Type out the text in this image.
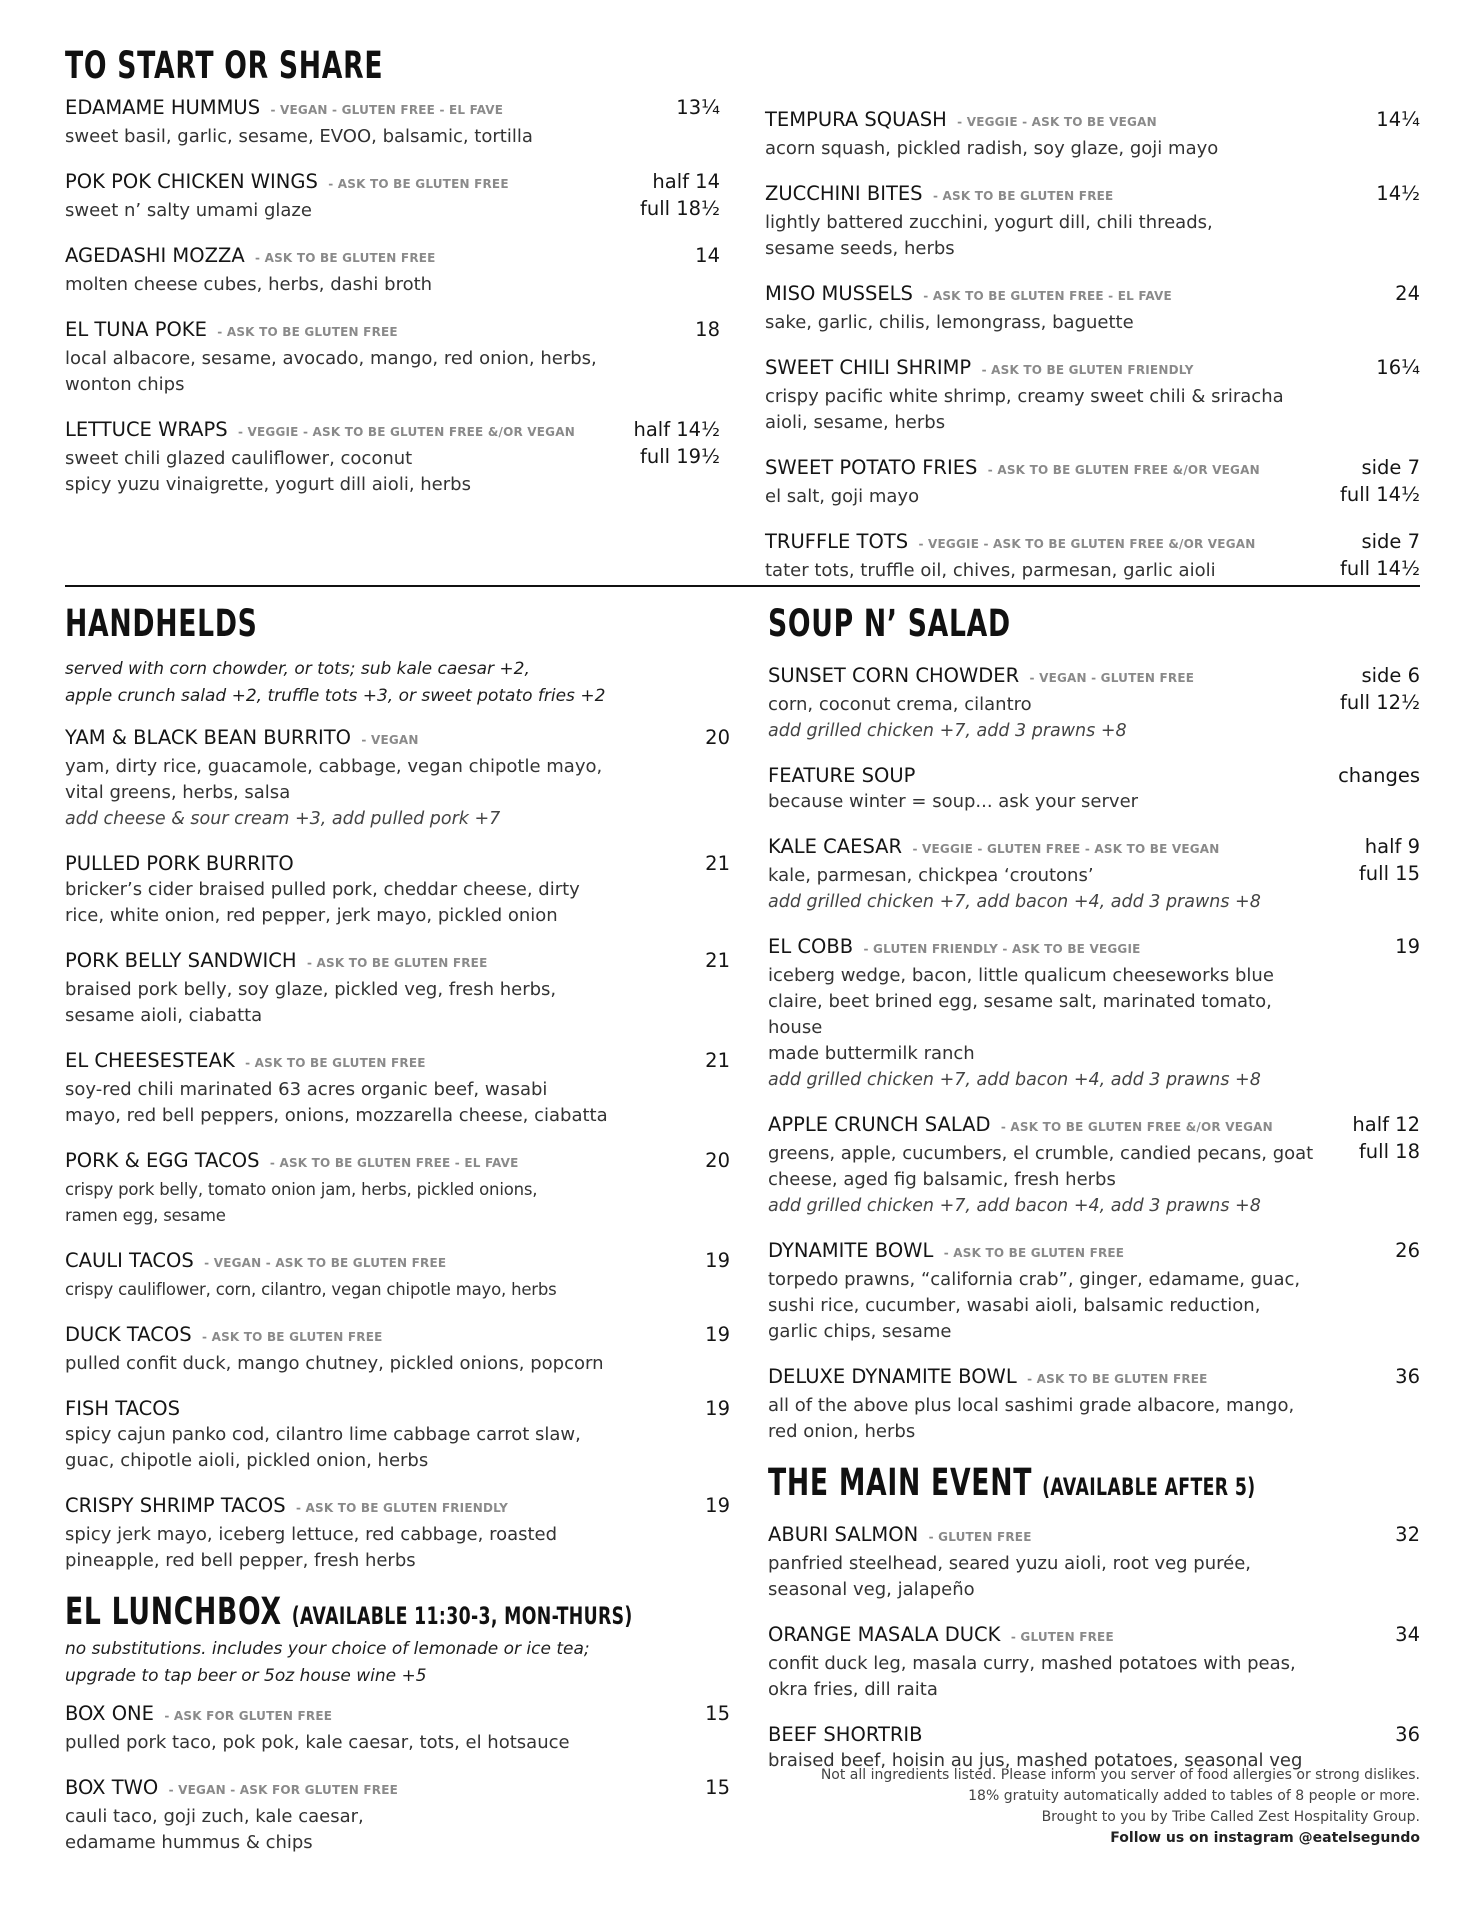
TO START OR SHARE
EDAMAME HUMMUS - VEGAN - GLUTEN FREE - EL FAVE
sweet basil, garlic, sesame, EVOO, balsamic, tortilla
13¼
POK POK CHICKEN WINGS - ASK TO BE GLUTEN FREE
sweet n’ salty umami glaze
half 14
full 18½
AGEDASHI MOZZA - ASK TO BE GLUTEN FREE
molten cheese cubes, herbs, dashi broth
14
EL TUNA POKE - ASK TO BE GLUTEN FREE
local albacore, sesame, avocado, mango, red onion, herbs,
wonton chips
18
LETTUCE WRAPS - VEGGIE - ASK TO BE GLUTEN FREE &/OR VEGAN
sweet chili glazed cauliflower, coconut
spicy yuzu vinaigrette, yogurt dill aioli, herbs
half 14½
full 19½
TEMPURA SQUASH - VEGGIE - ASK TO BE VEGAN
acorn squash, pickled radish, soy glaze, goji mayo
14¼
ZUCCHINI BITES - ASK TO BE GLUTEN FREE
lightly battered zucchini, yogurt dill, chili threads,
sesame seeds, herbs
14½
MISO MUSSELS - ASK TO BE GLUTEN FREE - EL FAVE
sake, garlic, chilis, lemongrass, baguette
24
SWEET CHILI SHRIMP - ASK TO BE GLUTEN FRIENDLY
crispy pacific white shrimp, creamy sweet chili & sriracha
aioli, sesame, herbs
16¼
SWEET POTATO FRIES - ASK TO BE GLUTEN FREE &/OR VEGAN
el salt, goji mayo
side 7
full 14½
TRUFFLE TOTS - VEGGIE - ASK TO BE GLUTEN FREE &/OR VEGAN
tater tots, truffle oil, chives, parmesan, garlic aioli
side 7
full 14½
HANDHELDS
served with corn chowder, or tots; sub kale caesar +2,
apple crunch salad +2, truffle tots +3, or sweet potato fries +2
YAM & BLACK BEAN BURRITO - VEGAN
yam, dirty rice, guacamole, cabbage, vegan chipotle mayo,
vital greens, herbs, salsa
add cheese & sour cream +3, add pulled pork +7
20
PULLED PORK BURRITO
bricker’s cider braised pulled pork, cheddar cheese, dirty
rice, white onion, red pepper, jerk mayo, pickled onion
21
PORK BELLY SANDWICH - ASK TO BE GLUTEN FREE
braised pork belly, soy glaze, pickled veg, fresh herbs,
sesame aioli, ciabatta
21
EL CHEESESTEAK - ASK TO BE GLUTEN FREE
soy-red chili marinated 63 acres organic beef, wasabi
mayo, red bell peppers, onions, mozzarella cheese, ciabatta
21
PORK & EGG TACOS - ASK TO BE GLUTEN FREE - EL FAVE
crispy pork belly, tomato onion jam, herbs, pickled onions,
ramen egg, sesame
20
CAULI TACOS - VEGAN - ASK TO BE GLUTEN FREE
crispy cauliflower, corn, cilantro, vegan chipotle mayo, herbs
19
DUCK TACOS - ASK TO BE GLUTEN FREE
pulled confit duck, mango chutney, pickled onions, popcorn
19
FISH TACOS
spicy cajun panko cod, cilantro lime cabbage carrot slaw,
guac, chipotle aioli, pickled onion, herbs
19
CRISPY SHRIMP TACOS - ASK TO BE GLUTEN FRIENDLY
spicy jerk mayo, iceberg lettuce, red cabbage, roasted
pineapple, red bell pepper, fresh herbs
19
EL LUNCHBOX (AVAILABLE 11:30-3, MON-THURS)
no substitutions. includes your choice of lemonade or ice tea;
upgrade to tap beer or 5oz house wine +5
BOX ONE - ASK FOR GLUTEN FREE
pulled pork taco, pok pok, kale caesar, tots, el hotsauce
15
BOX TWO - VEGAN - ASK FOR GLUTEN FREE
cauli taco, goji zuch, kale caesar,
edamame hummus & chips
15
SOUP N’ SALAD
SUNSET CORN CHOWDER - VEGAN - GLUTEN FREE
corn, coconut crema, cilantro
add grilled chicken +7, add 3 prawns +8
side 6
full 12½
FEATURE SOUP
because winter = soup... ask your server
changes
KALE CAESAR - VEGGIE - GLUTEN FREE - ASK TO BE VEGAN
kale, parmesan, chickpea ‘croutons’
add grilled chicken +7, add bacon +4, add 3 prawns +8
half 9
full 15
EL COBB - GLUTEN FRIENDLY - ASK TO BE VEGGIE
iceberg wedge, bacon, little qualicum cheeseworks blue
claire, beet brined egg, sesame salt, marinated tomato, house
made buttermilk ranch
add grilled chicken +7, add bacon +4, add 3 prawns +8
19
APPLE CRUNCH SALAD - ASK TO BE GLUTEN FREE &/OR VEGAN
greens, apple, cucumbers, el crumble, candied pecans, goat
cheese, aged fig balsamic, fresh herbs
add grilled chicken +7, add bacon +4, add 3 prawns +8
half 12
full 18
DYNAMITE BOWL - ASK TO BE GLUTEN FREE
torpedo prawns, “california crab”, ginger, edamame, guac,
sushi rice, cucumber, wasabi aioli, balsamic reduction,
garlic chips, sesame
26
DELUXE DYNAMITE BOWL - ASK TO BE GLUTEN FREE
all of the above plus local sashimi grade albacore, mango,
red onion, herbs
36
THE MAIN EVENT (AVAILABLE AFTER 5)
ABURI SALMON - GLUTEN FREE
panfried steelhead, seared yuzu aioli, root veg purée,
seasonal veg, jalapeño
32
ORANGE MASALA DUCK - GLUTEN FREE
confit duck leg, masala curry, mashed potatoes with peas,
okra fries, dill raita
34
BEEF SHORTRIB
braised beef, hoisin au jus, mashed potatoes, seasonal veg
36
Not all ingredients listed. Please inform you server of food allergies or strong dislikes.
18% gratuity automatically added to tables of 8 people or more.
Brought to you by Tribe Called Zest Hospitality Group.
Follow us on instagram @eatelsegundo
